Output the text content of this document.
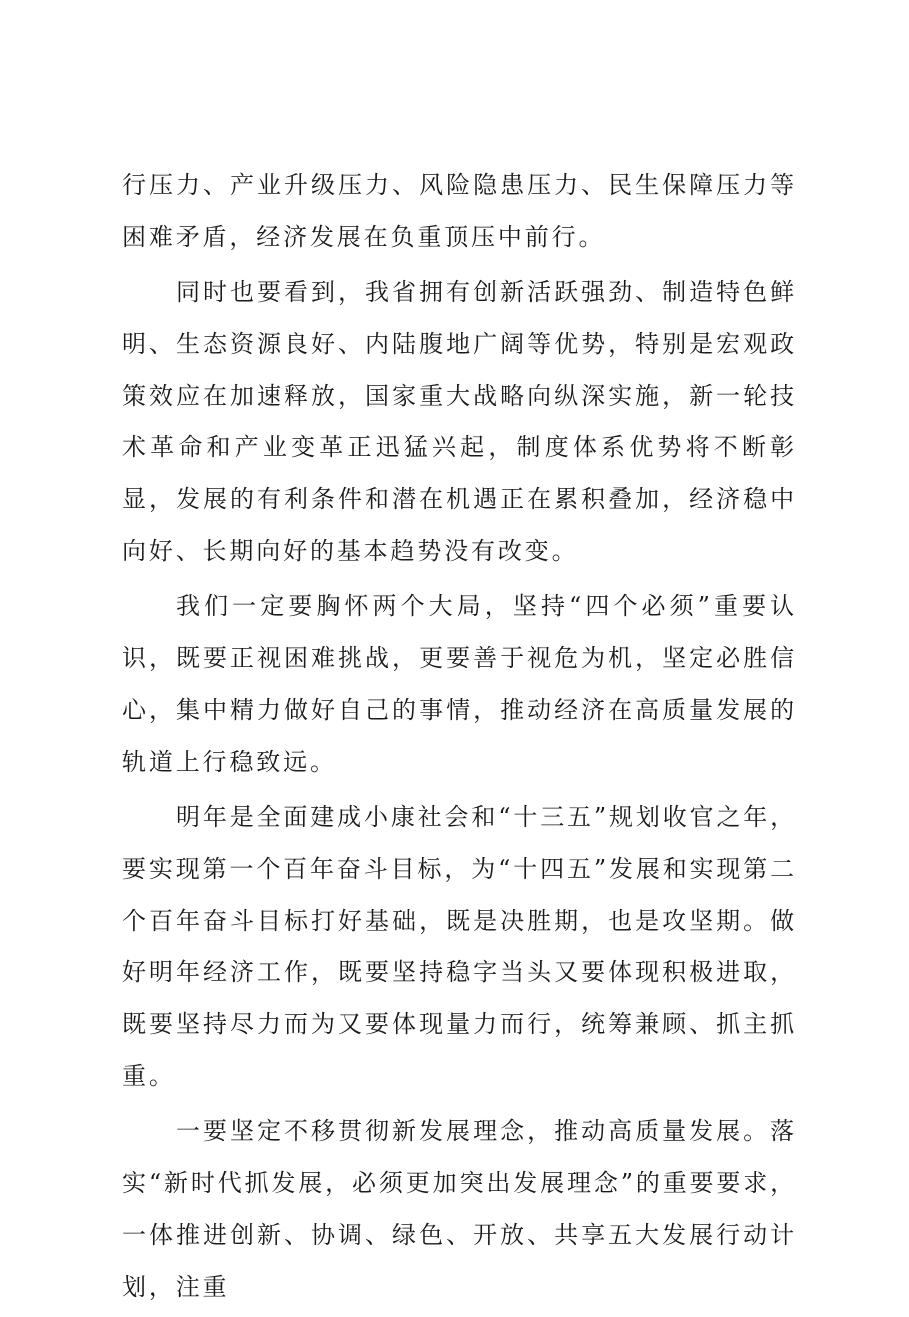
行压力、产业升级压力、风险隐患压力、民生保障压力等困难矛盾，经济发展在负重顶压中前行。

同时也要看到，我省拥有创新活跃强劲、制造特色鲜明、生态资源良好、内陆腹地广阔等优势，特别是宏观政策效应在加速释放，国家重大战略向纵深实施，新一轮技术革命和产业变革正迅猛兴起，制度体系优势将不断彰显，发展的有利条件和潜在机遇正在累积叠加，经济稳中向好、长期向好的基本趋势没有改变。

我们一定要胸怀两个大局，坚持“四个必须”重要认识，既要正视困难挑战，更要善于视危为机，坚定必胜信心，集中精力做好自己的事情，推动经济在高质量发展的轨道上行稳致远。

明年是全面建成小康社会和“十三五”规划收官之年，要实现第一个百年奋斗目标，为“十四五”发展和实现第二个百年奋斗目标打好基础，既是决胜期，也是攻坚期。做好明年经济工作，既要坚持稳字当头又要体现积极进取，既要坚持尽力而为又要体现量力而行，统筹兼顾、抓主抓重。

一要坚定不移贯彻新发展理念，推动高质量发展。落实“新时代抓发展，必须更加突出发展理念”的重要要求，一体推进创新、协调、绿色、开放、共享五大发展行动计划，注重
